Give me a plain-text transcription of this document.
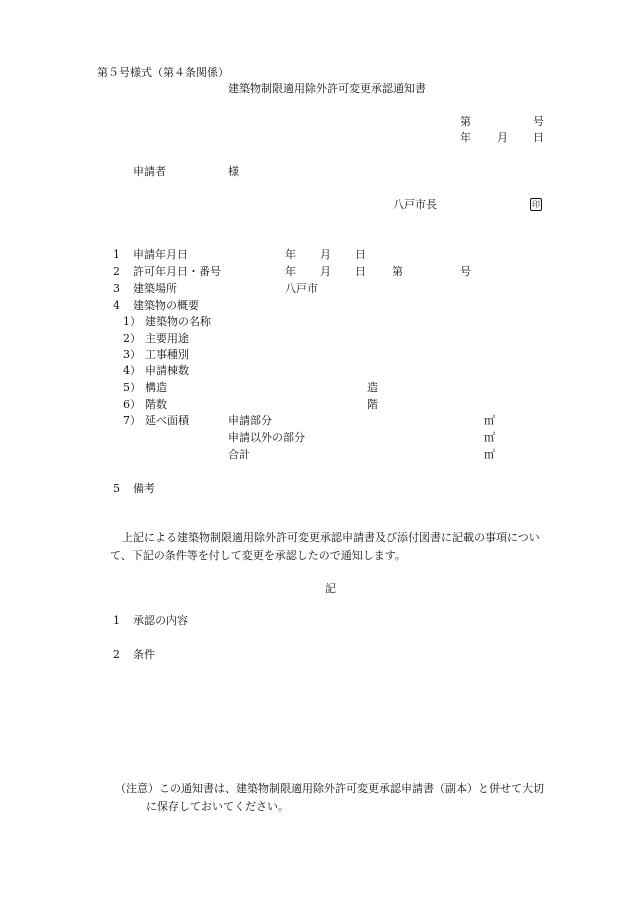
第５号様式（第４条関係）
建築物制限適用除外許可変更承認通知書
第	号
年 月 日
申請者	様
八戸市長	印
1 申請年月日	年 月 日
2 許可年月日・番号	年 月 日 第	号
3 建築場所	八戸市
4 建築物の概要
1） 建築物の名称
2） 主要用途
3） 工事種別
4） 申請棟数
5） 構造	造
6） 階数	階
7） 延べ面積	申請部分	㎡
申請以外の部分	㎡
合計	㎡
5 備考
上記による建築物制限適用除外許可変更承認申請書及び添付図書に記載の事項につい
て、下記の条件等を付して変更を承認したので通知します。
記
1 承認の内容
2 条件
（注意）この通知書は、建築物制限適用除外許可変更承認申請書（副本）と併せて大切
に保存しておいてください。
